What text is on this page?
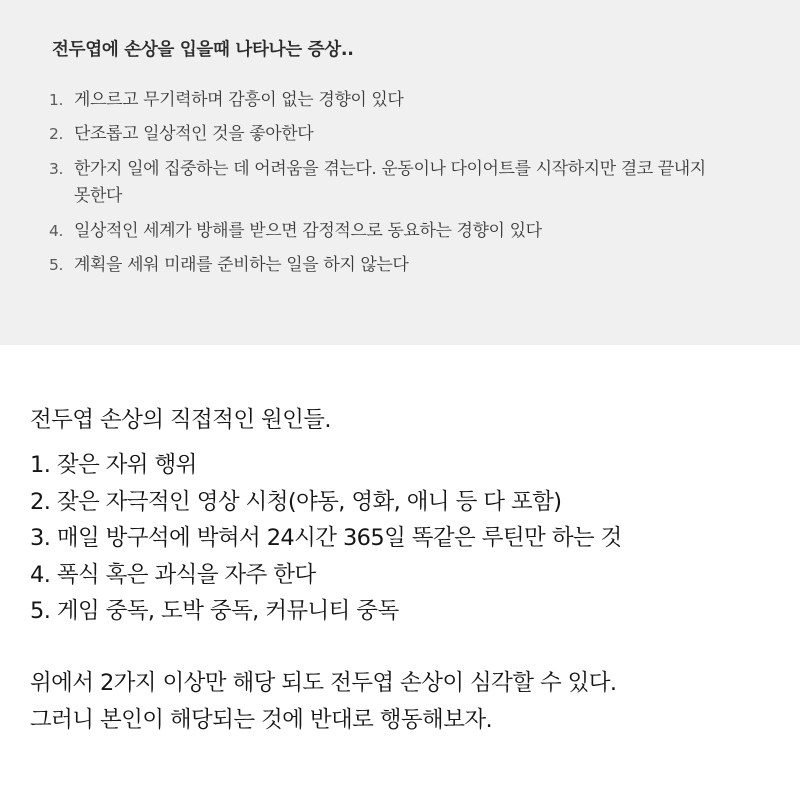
전두엽에 손상을 입을때 나타나는 증상..
1. 게으르고 무기력하며 감흥이 없는 경향이 있다
2. 단조롭고 일상적인 것을 좋아한다
3. 한가지 일에 집중하는 데 어려움을 겪는다. 운동이나 다이어트를 시작하지만 결코 끝내지 못한다
4. 일상적인 세계가 방해를 받으면 감정적으로 동요하는 경향이 있다
5. 계획을 세워 미래를 준비하는 일을 하지 않는다

전두엽 손상의 직접적인 원인들.

1. 잦은 자위 행위
2. 잦은 자극적인 영상 시청(야동, 영화, 애니 등 다 포함)
3. 매일 방구석에 박혀서 24시간 365일 똑같은 루틴만 하는 것
4. 폭식 혹은 과식을 자주 한다
5. 게임 중독, 도박 중독, 커뮤니티 중독

위에서 2가지 이상만 해당 되도 전두엽 손상이 심각할 수 있다.

그러니 본인이 해당되는 것에 반대로 행동해보자.
